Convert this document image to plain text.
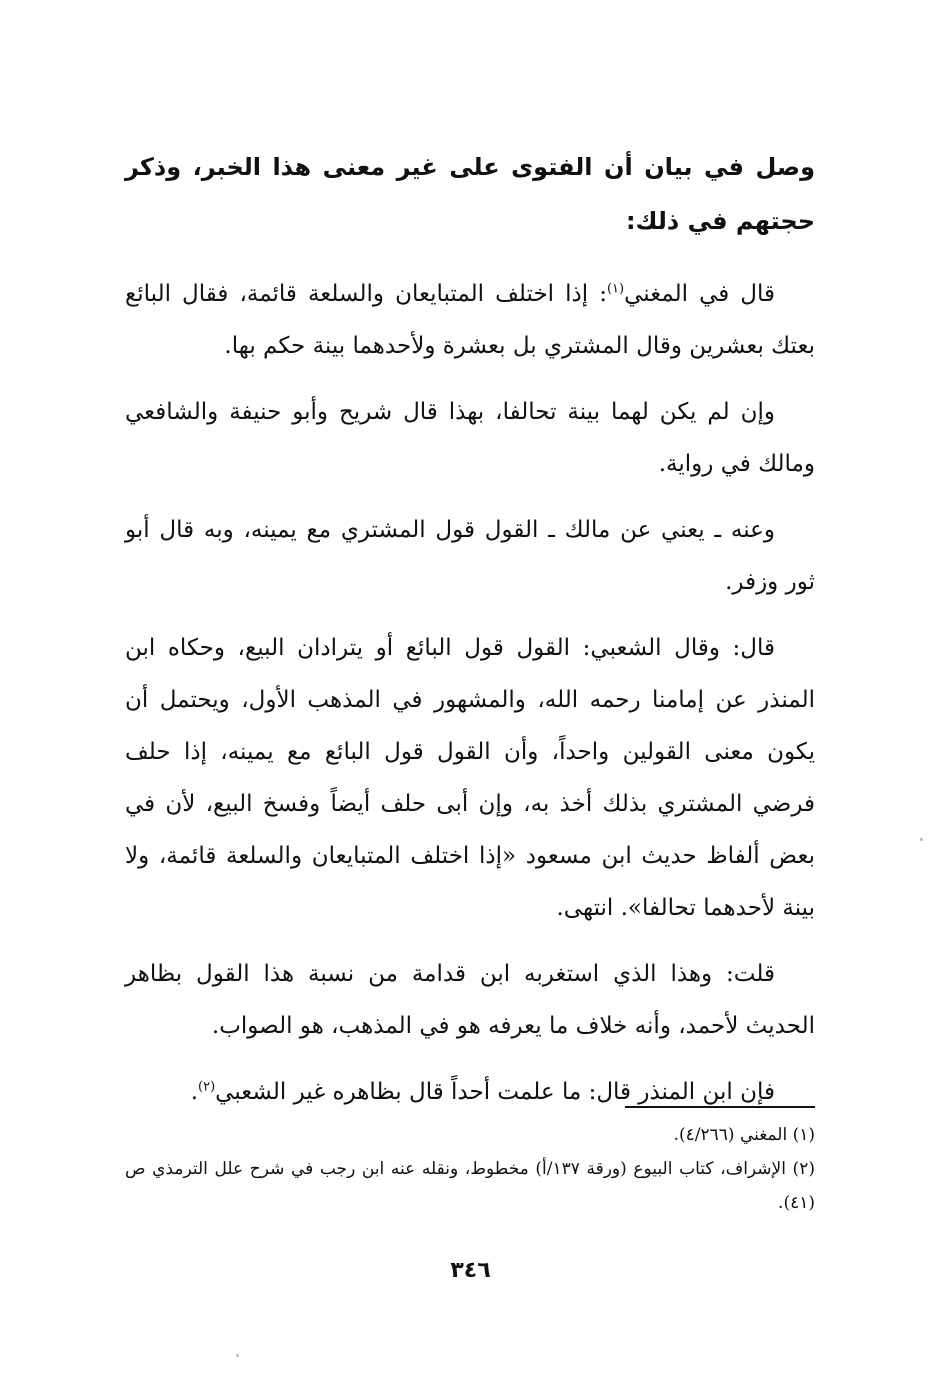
وصل في بيان أن الفتوى على غير معنى هذا الخبر، وذكر حجتهم في ذلك:

قال في المغني$^{(١)}$: إذا اختلف المتبايعان والسلعة قائمة، فقال البائع بعتك بعشرين وقال المشتري بل بعشرة ولأحدهما بينة حكم بها.

وإن لم يكن لهما بينة تحالفا، بهذا قال شريح وأبو حنيفة والشافعي ومالك في رواية.

وعنه ـ يعني عن مالك ـ القول قول المشتري مع يمينه، وبه قال أبو ثور وزفر.

قال: وقال الشعبي: القول قول البائع أو يترادان البيع، وحكاه ابن المنذر عن إمامنا رحمه الله، والمشهور في المذهب الأول، ويحتمل أن يكون معنى القولين واحداً، وأن القول قول البائع مع يمينه، إذا حلف فرضي المشتري بذلك أخذ به، وإن أبى حلف أيضاً وفسخ البيع، لأن في بعض ألفاظ حديث ابن مسعود «إذا اختلف المتبايعان والسلعة قائمة، ولا بينة لأحدهما تحالفا». انتهى.

قلت: وهذا الذي استغربه ابن قدامة من نسبة هذا القول بظاهر الحديث لأحمد، وأنه خلاف ما يعرفه هو في المذهب، هو الصواب.

فإن ابن المنذر قال: ما علمت أحداً قال بظاهره غير الشعبي$^{(٢)}$.

(١) المغني (٤/٢٦٦).

(٢) الإشراف، كتاب البيوع (ورقة ١٣٧/أ) مخطوط، ونقله عنه ابن رجب في شرح علل الترمذي ص (٤١).

٣٤٦
